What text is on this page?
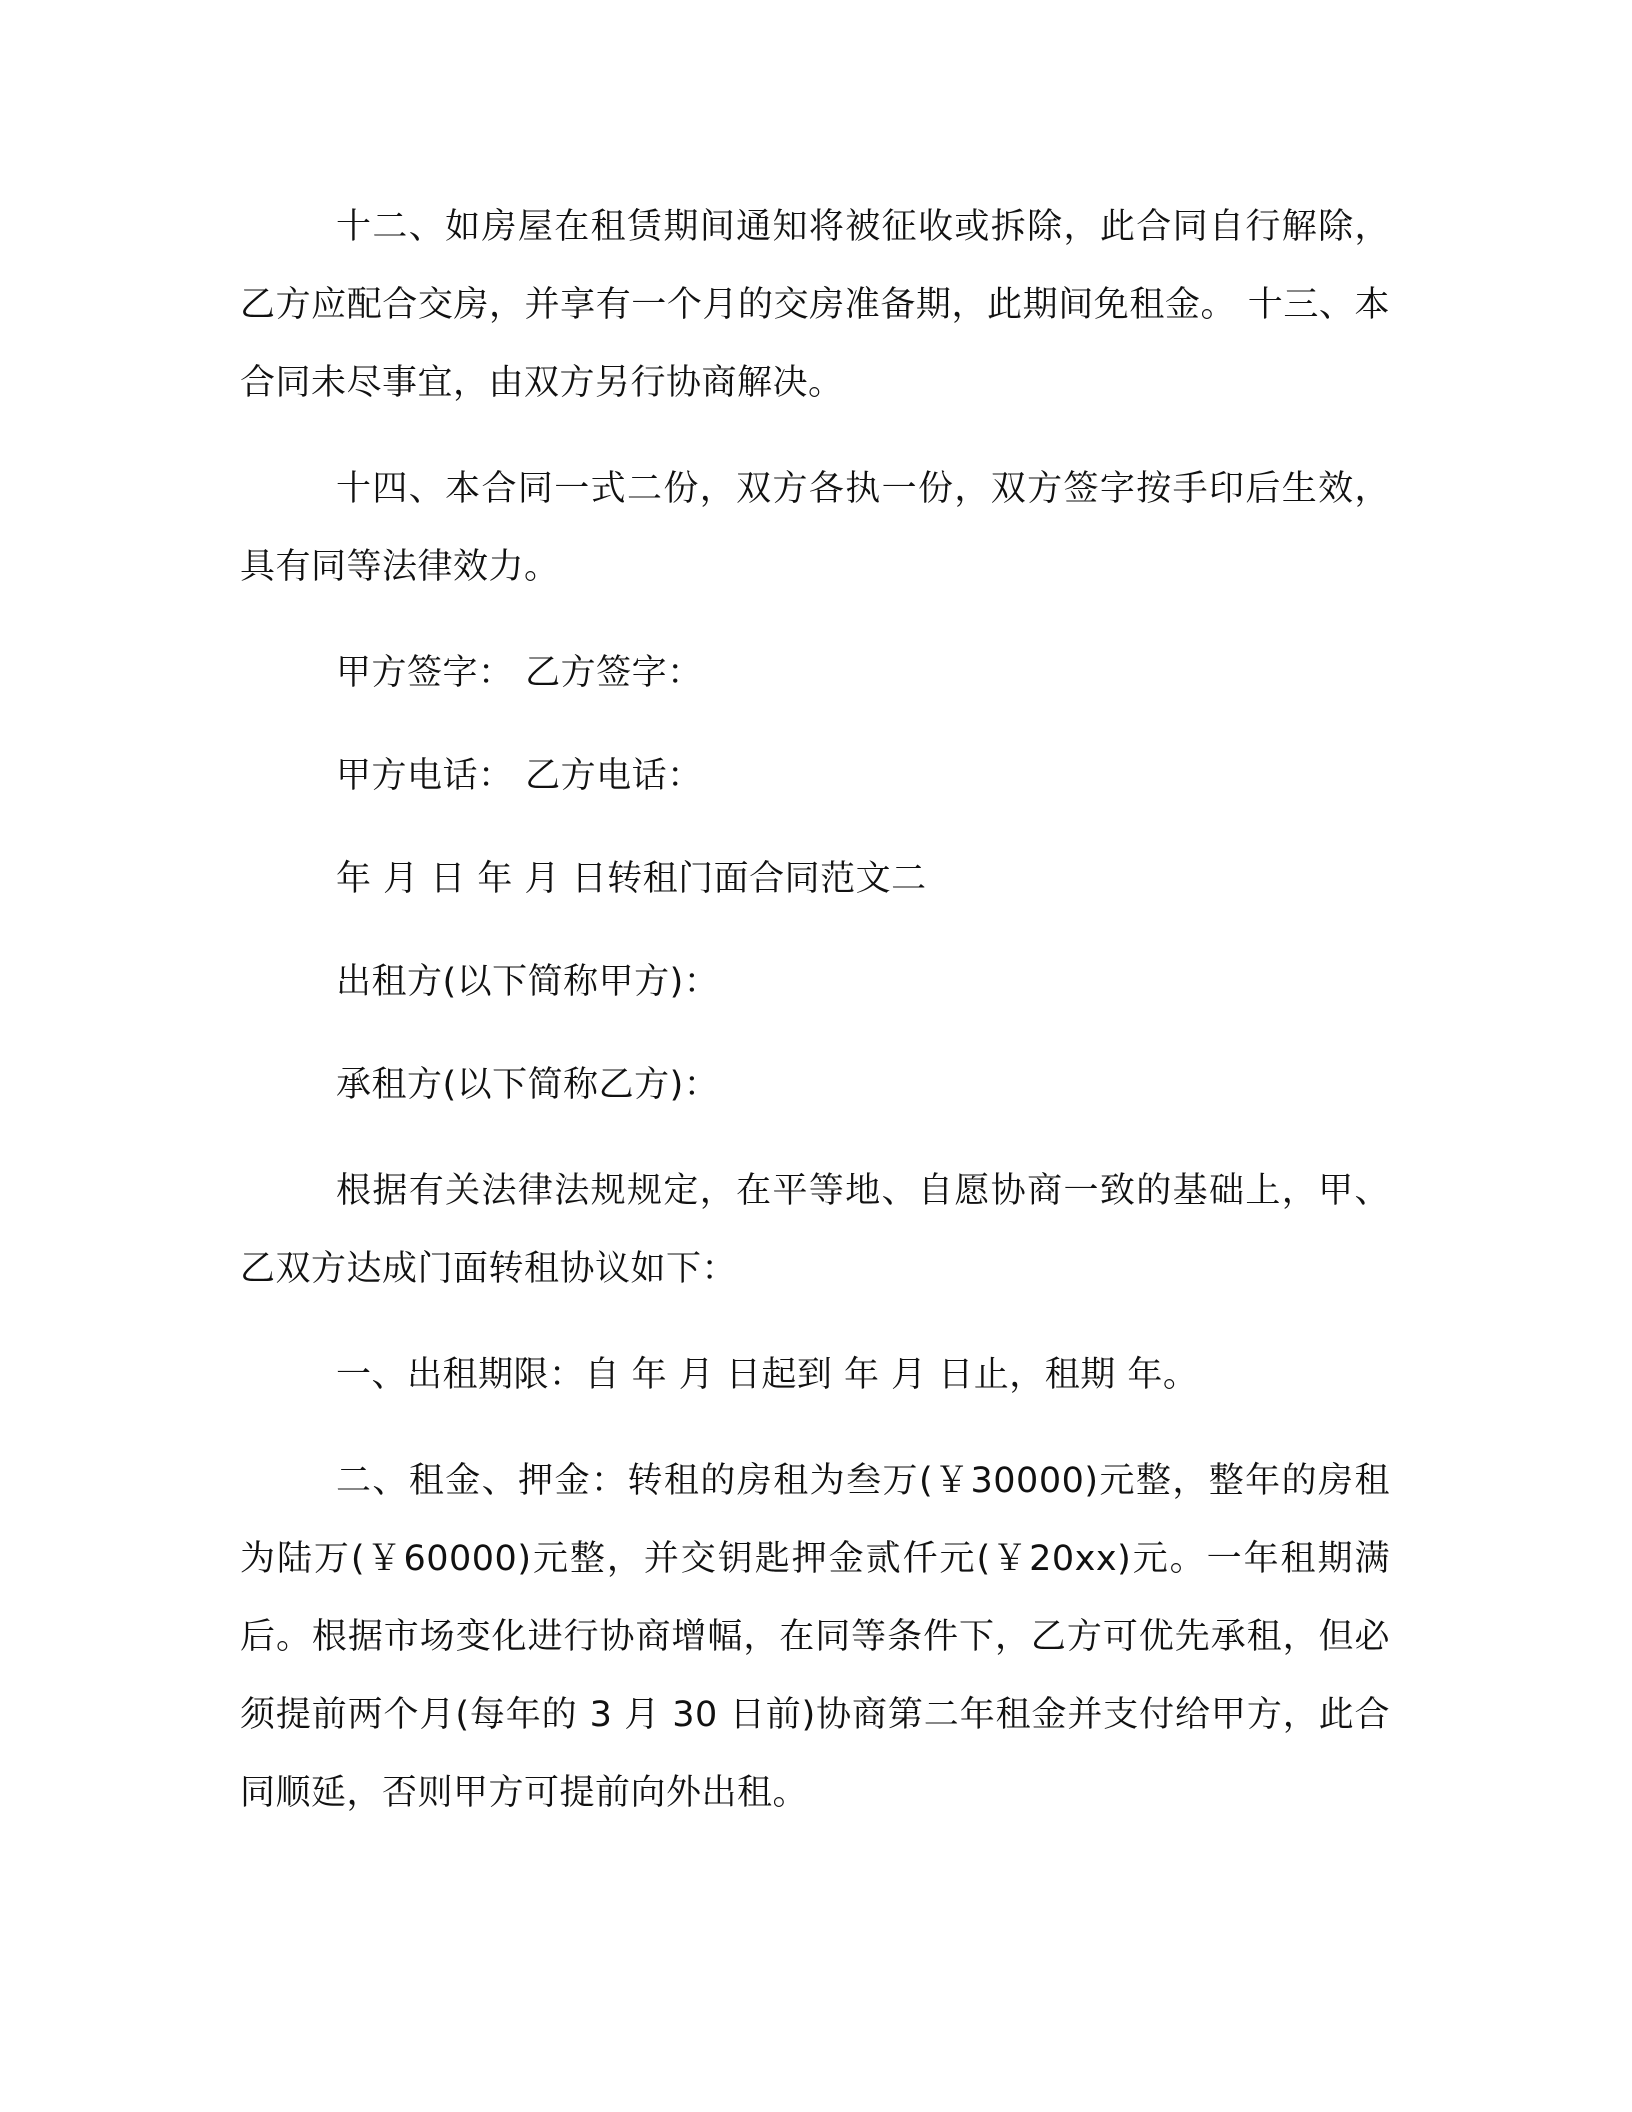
十二、如房屋在租赁期间通知将被征收或拆除，此合同自行解除，乙方应配合交房，并享有一个月的交房准备期，此期间免租金。 十三、本合同未尽事宜，由双方另行协商解决。

十四、本合同一式二份，双方各执一份，双方签字按手印后生效，具有同等法律效力。

甲方签字： 乙方签字：

甲方电话： 乙方电话：

年 月 日 年 月 日转租门面合同范文二

出租方(以下简称甲方)：

承租方(以下简称乙方)：

根据有关法律法规规定，在平等地、自愿协商一致的基础上，甲、乙双方达成门面转租协议如下：

一、出租期限：自 年 月 日起到 年 月 日止，租期 年。

二、租金、押金：转租的房租为叁万(￥30000)元整，整年的房租为陆万(￥60000)元整，并交钥匙押金贰仟元(￥20xx)元。一年租期满后。根据市场变化进行协商增幅，在同等条件下，乙方可优先承租，但必须提前两个月(每年的 3 月 30 日前)协商第二年租金并支付给甲方，此合同顺延，否则甲方可提前向外出租。
